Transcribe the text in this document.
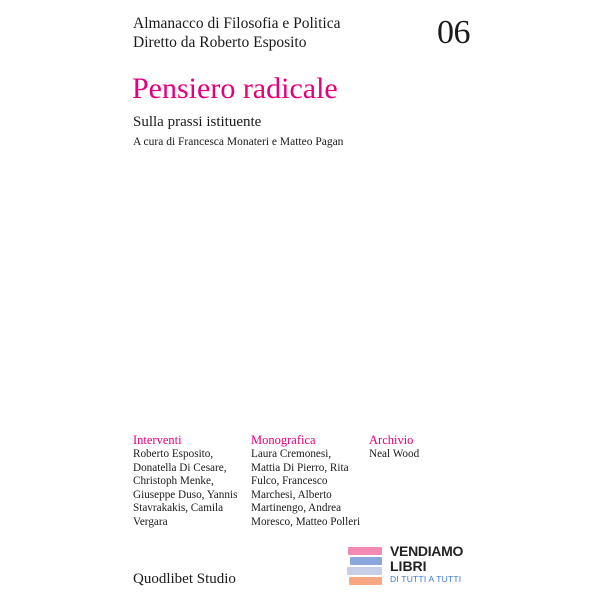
Almanacco di Filosofia e Politica
Diretto da Roberto Esposito	06
Pensiero radicale
Sulla prassi istituente
A cura di Francesca Monateri e Matteo Pagan
Interventi
Roberto Esposito,
Donatella Di Cesare,
Christoph Menke,
Giuseppe Duso, Yannis
Stavrakakis, Camila
Vergara
Monografica
Laura Cremonesi,
Mattia Di Pierro, Rita
Fulco, Francesco
Marchesi, Alberto
Martinengo, Andrea
Moresco, Matteo Polleri
Archivio
Neal Wood
Quodlibet Studio
VENDIAMO
LIBRI
DI TUTTI A TUTTI
